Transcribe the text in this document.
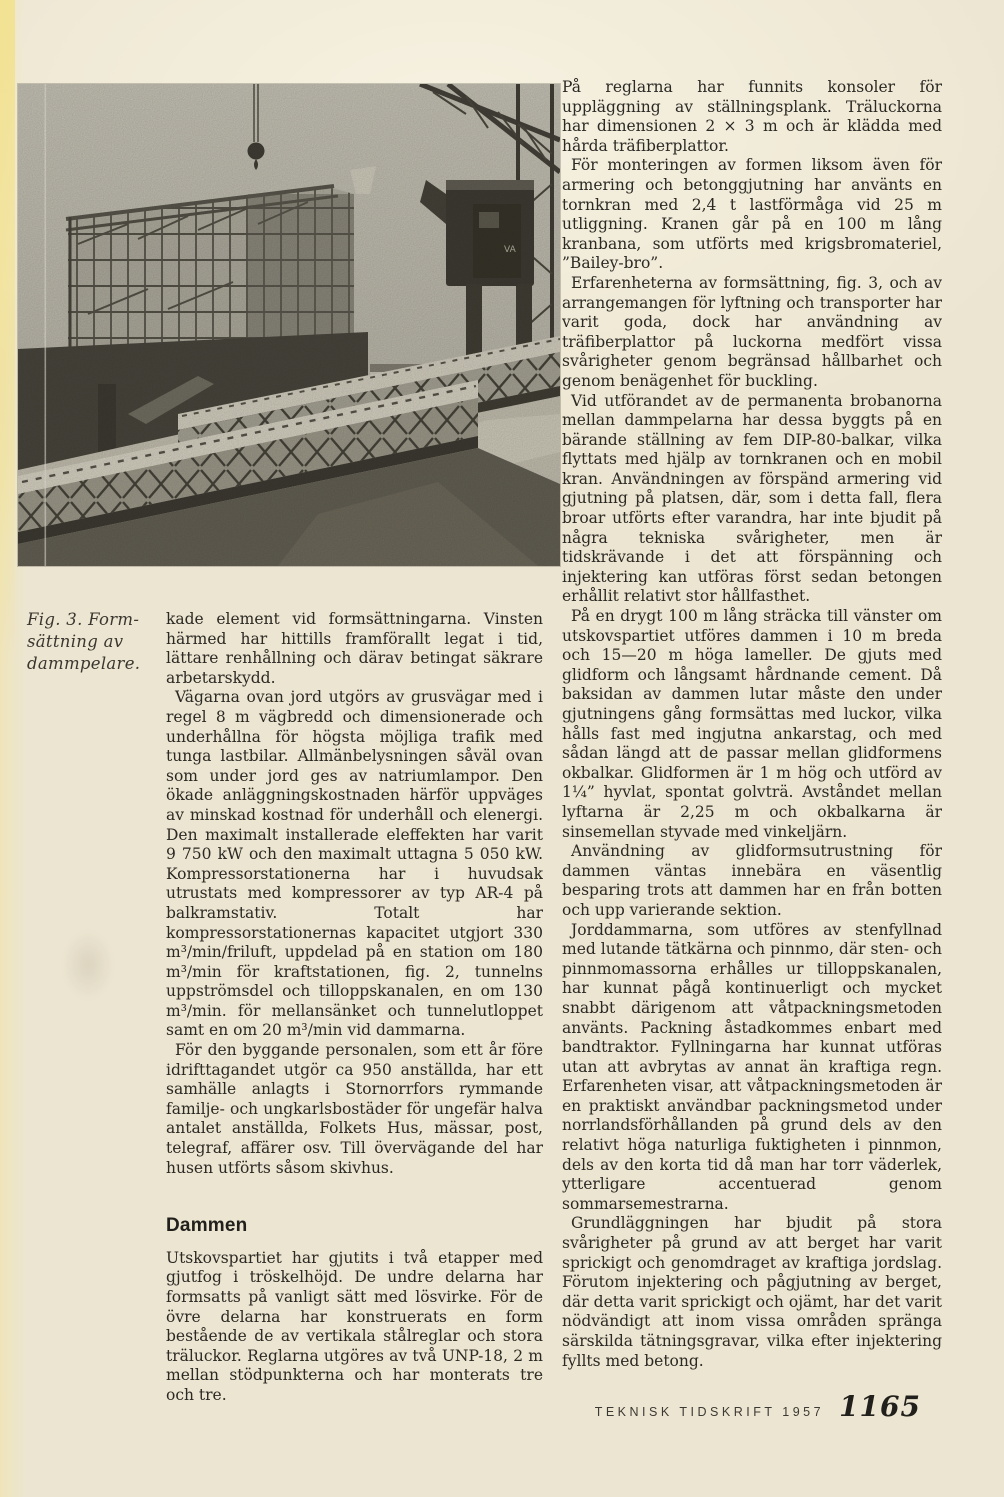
VA
Fig. 3. Form-
sättning av
dammpelare.

kade element vid formsättningarna. Vinsten härmed har hittills framförallt legat i tid, lättare renhållning och därav betingat säkrare arbetarskydd.

Vägarna ovan jord utgörs av grusvägar med i regel 8 m vägbredd och dimensionerade och underhållna för högsta möjliga trafik med tunga lastbilar. Allmänbelysningen såväl ovan som under jord ges av natriumlampor. Den ökade anläggningskostnaden härför uppväges av minskad kostnad för underhåll och elenergi. Den maximalt installerade eleffekten har varit 9 750 kW och den maximalt uttagna 5 050 kW. Kompressorstationerna har i huvudsak utrustats med kompressorer av typ AR-4 på balkramstativ. Totalt har kompressorstationernas kapacitet utgjort 330 m³/min/friluft, uppdelad på en station om 180 m³/min för kraftstationen, fig. 2, tunnelns uppströmsdel och tilloppskanalen, en om 130 m³/min. för mellansänket och tunnelutloppet samt en om 20 m³/min vid dammarna.

För den byggande personalen, som ett år före idrifttagandet utgör ca 950 anställda, har ett samhälle anlagts i Stornorrfors rymmande familje- och ungkarlsbostäder för ungefär halva antalet anställda, Folkets Hus, mässar, post, telegraf, affärer osv. Till övervägande del har husen utförts såsom skivhus.

Dammen

Utskovspartiet har gjutits i två etapper med gjutfog i tröskelhöjd. De undre delarna har formsatts på vanligt sätt med lösvirke. För de övre delarna har konstruerats en form bestående de av vertikala stålreglar och stora träluckor. Reglarna utgöres av två UNP-18, 2 m mellan stödpunkterna och har monterats tre och tre.

På reglarna har funnits konsoler för uppläggning av ställningsplank. Träluckorna har dimensionen 2 × 3 m och är klädda med hårda träfiberplattor.

För monteringen av formen liksom även för armering och betonggjutning har använts en tornkran med 2,4 t lastförmåga vid 25 m utliggning. Kranen går på en 100 m lång kranbana, som utförts med krigsbromateriel, ”Bailey-bro”.

Erfarenheterna av formsättning, fig. 3, och av arrangemangen för lyftning och transporter har varit goda, dock har användning av träfiberplattor på luckorna medfört vissa svårigheter genom begränsad hållbarhet och genom benägenhet för buckling.

Vid utförandet av de permanenta brobanorna mellan dammpelarna har dessa byggts på en bärande ställning av fem DIP-80-balkar, vilka flyttats med hjälp av tornkranen och en mobil kran. Användningen av förspänd armering vid gjutning på platsen, där, som i detta fall, flera broar utförts efter varandra, har inte bjudit på några tekniska svårigheter, men är tidskrävande i det att förspänning och injektering kan utföras först sedan betongen erhållit relativt stor hållfasthet.

På en drygt 100 m lång sträcka till vänster om utskovspartiet utföres dammen i 10 m breda och 15—20 m höga lameller. De gjuts med glidform och långsamt hårdnande cement. Då baksidan av dammen lutar måste den under gjutningens gång formsättas med luckor, vilka hålls fast med ingjutna ankarstag, och med sådan längd att de passar mellan glidformens okbalkar. Glidformen är 1 m hög och utförd av 1¼” hyvlat, spontat golvträ. Avståndet mellan lyftarna är 2,25 m och okbalkarna är sinsemellan styvade med vinkeljärn.

Användning av glidformsutrustning för dammen väntas innebära en väsentlig besparing trots att dammen har en från botten och upp varierande sektion.

Jorddammarna, som utföres av stenfyllnad med lutande tätkärna och pinnmo, där sten- och pinnmomassorna erhålles ur tilloppskanalen, har kunnat pågå kontinuerligt och mycket snabbt därigenom att våtpackningsmetoden använts. Packning åstadkommes enbart med bandtraktor. Fyllningarna har kunnat utföras utan att avbrytas av annat än kraftiga regn. Erfarenheten visar, att våtpackningsmetoden är en praktiskt användbar packningsmetod under norrlandsförhållanden på grund dels av den relativt höga naturliga fuktigheten i pinnmon, dels av den korta tid då man har torr väderlek, ytterligare accentuerad genom sommarsemestrarna.

Grundläggningen har bjudit på stora svårigheter på grund av att berget har varit sprickigt och genomdraget av kraftiga jordslag. Förutom injektering och pågjutning av berget, där detta varit sprickigt och ojämt, har det varit nödvändigt att inom vissa områden spränga särskilda tätningsgravar, vilka efter injektering fyllts med betong.

TEKNISK TIDSKRIFT 1957 1165
